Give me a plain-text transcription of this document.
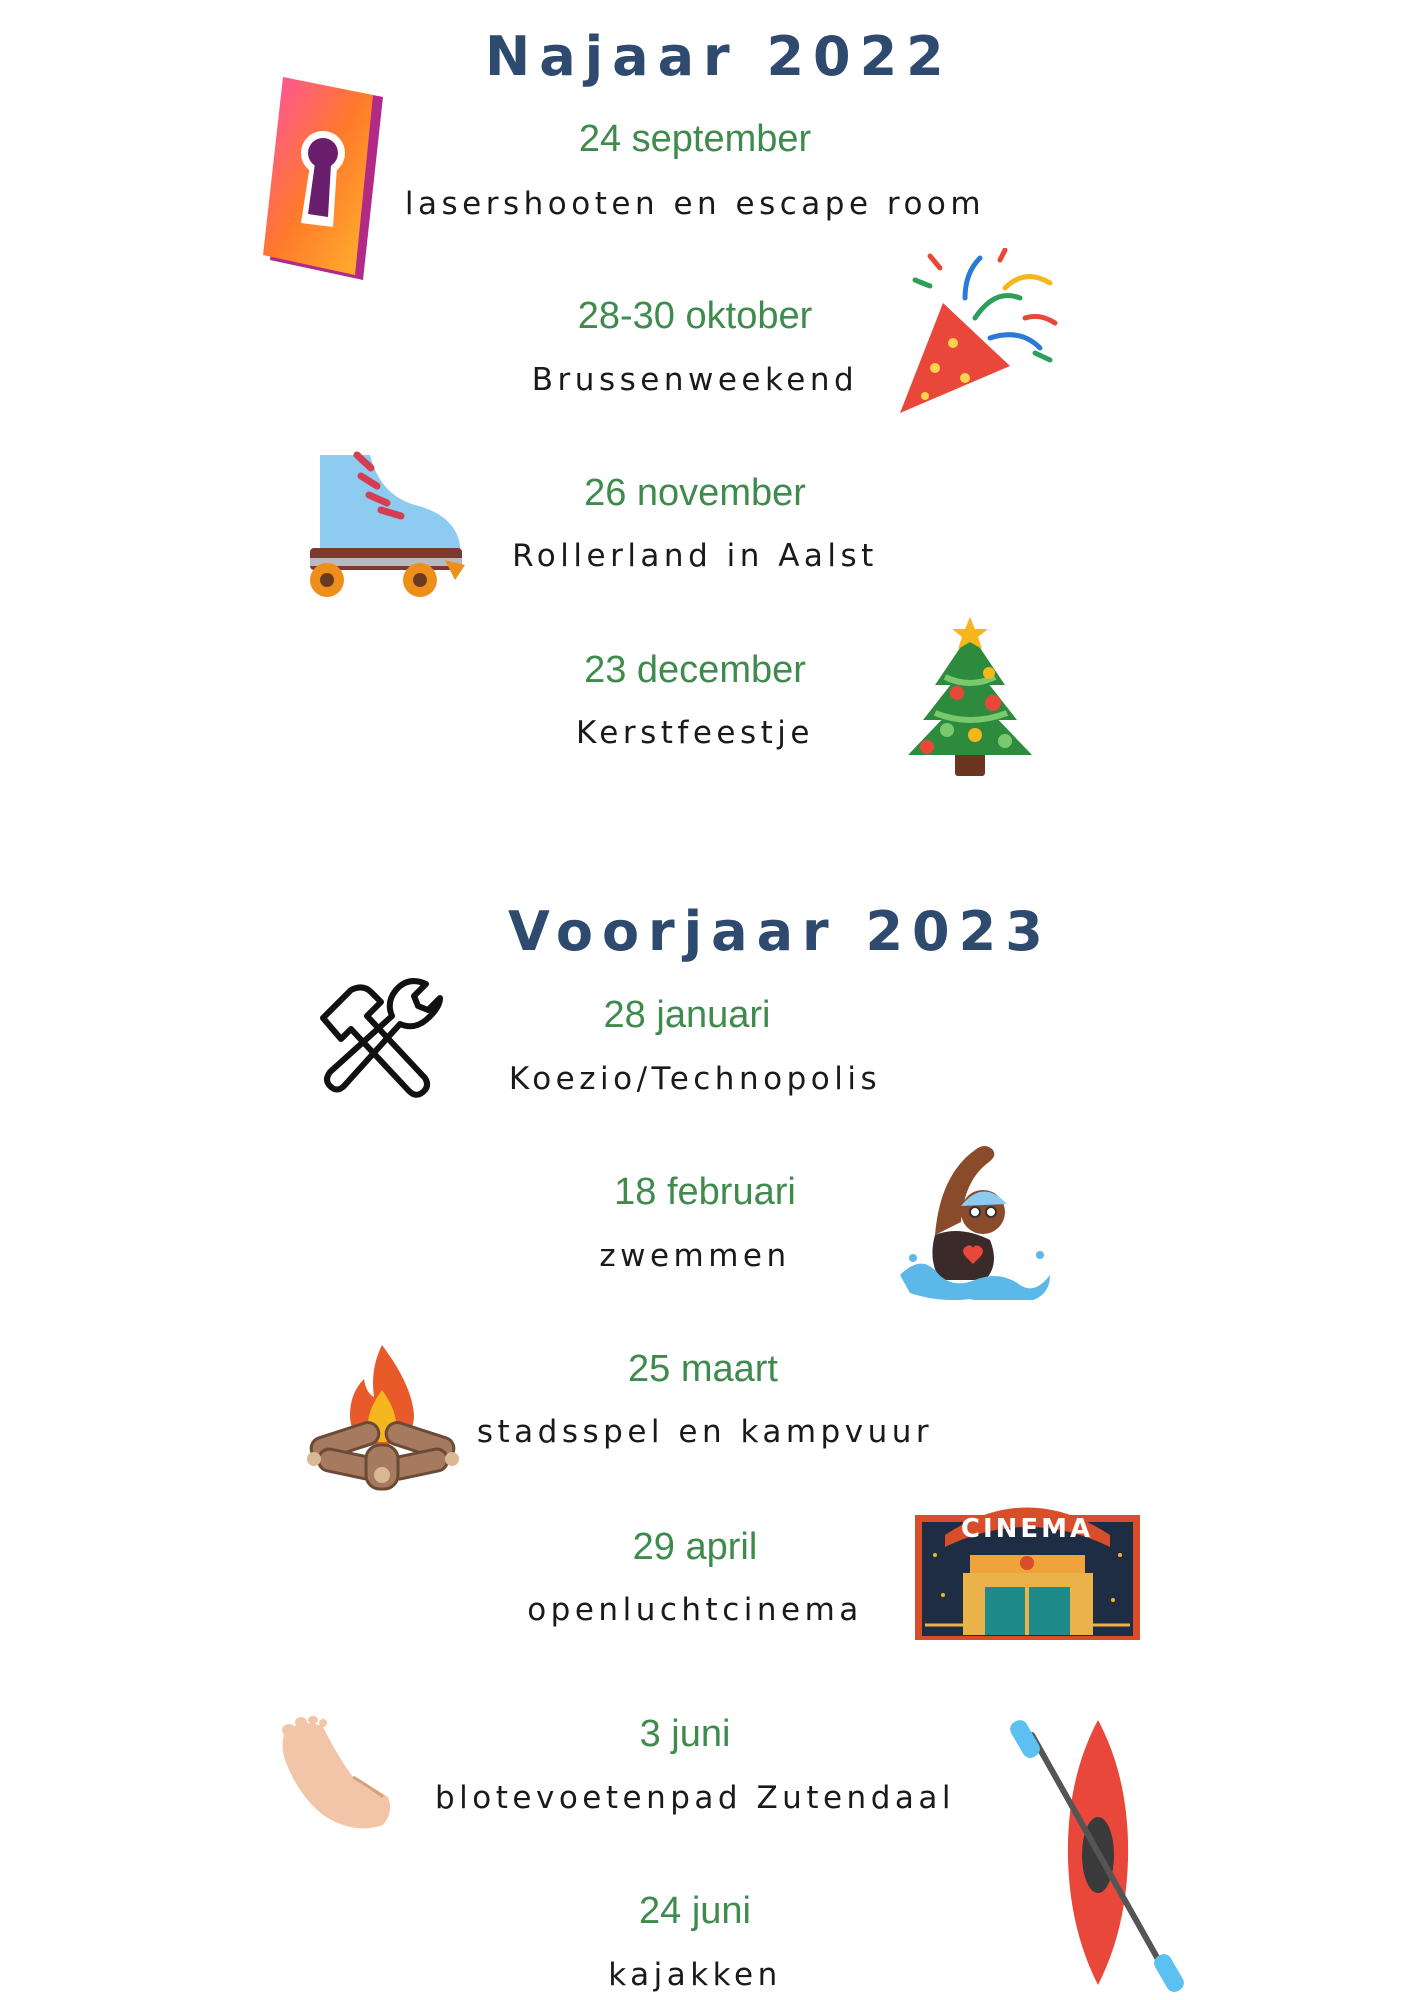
Najaar 2022
Voorjaar 2023
24 september
lasershooten en escape room
28-30 oktober
Brussenweekend
26 november
Rollerland in Aalst
23 december
Kerstfeestje
28 januari
Koezio/Technopolis
18 februari
zwemmen
25 maart
stadsspel en kampvuur
29 april
openluchtcinema
3 juni
blotevoetenpad Zutendaal
24 juni
kajakken
CINEMA
